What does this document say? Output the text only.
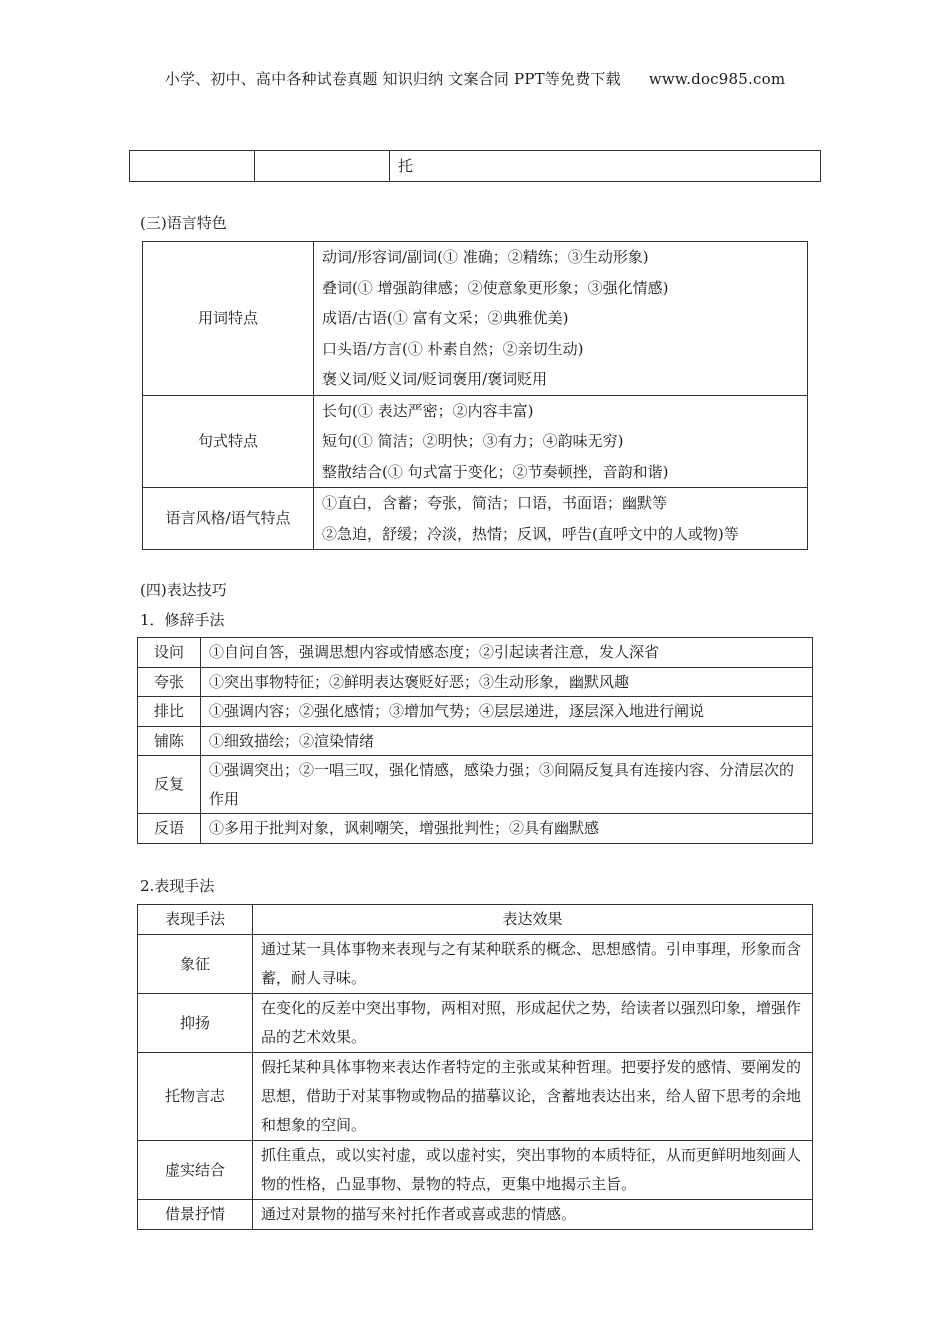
小学、初中、高中各种试卷真题 知识归纳 文案合同 PPT等免费下载 www.doc985.com
		托
(三)语言特色
用词特点	动词/形容词/副词(① 准确；②精练；③生动形象)
叠词(① 增强韵律感；②使意象更形象；③强化情感)
成语/古语(① 富有文采；②典雅优美)
口头语/方言(① 朴素自然；②亲切生动)
褒义词/贬义词/贬词褒用/褒词贬用

句式特点	长句(① 表达严密；②内容丰富)
短句(① 简洁；②明快；③有力；④韵味无穷)
整散结合(① 句式富于变化；②节奏顿挫，音韵和谐)

语言风格/语气特点	①直白，含蓄；夸张，简洁；口语，书面语；幽默等
②急迫，舒缓；冷淡，热情；反讽，呼告(直呼文中的人或物)等
(四)表达技巧
1．修辞手法
设问	①自问自答，强调思想内容或情感态度；②引起读者注意，发人深省
夸张	①突出事物特征；②鲜明表达褒贬好恶；③生动形象，幽默风趣
排比	①强调内容；②强化感情；③增加气势；④层层递进，逐层深入地进行阐说
铺陈	①细致描绘；②渲染情绪
反复	①强调突出；②一唱三叹，强化情感，感染力强；③间隔反复具有连接内容、分清层次的作用
反语	①多用于批判对象，讽刺嘲笑，增强批判性；②具有幽默感
2.表现手法
表现手法	表达效果
象征	通过某一具体事物来表现与之有某种联系的概念、思想感情。引申事理，形象而含蓄，耐人寻味。
抑扬	在变化的反差中突出事物，两相对照，形成起伏之势，给读者以强烈印象，增强作品的艺术效果。
托物言志	假托某种具体事物来表达作者特定的主张或某种哲理。把要抒发的感情、要阐发的思想，借助于对某事物或物品的描摹议论，含蓄地表达出来，给人留下思考的余地和想象的空间。
虚实结合	抓住重点，或以实衬虚，或以虚衬实，突出事物的本质特征，从而更鲜明地刻画人物的性格，凸显事物、景物的特点，更集中地揭示主旨。
借景抒情	通过对景物的描写来衬托作者或喜或悲的情感。
